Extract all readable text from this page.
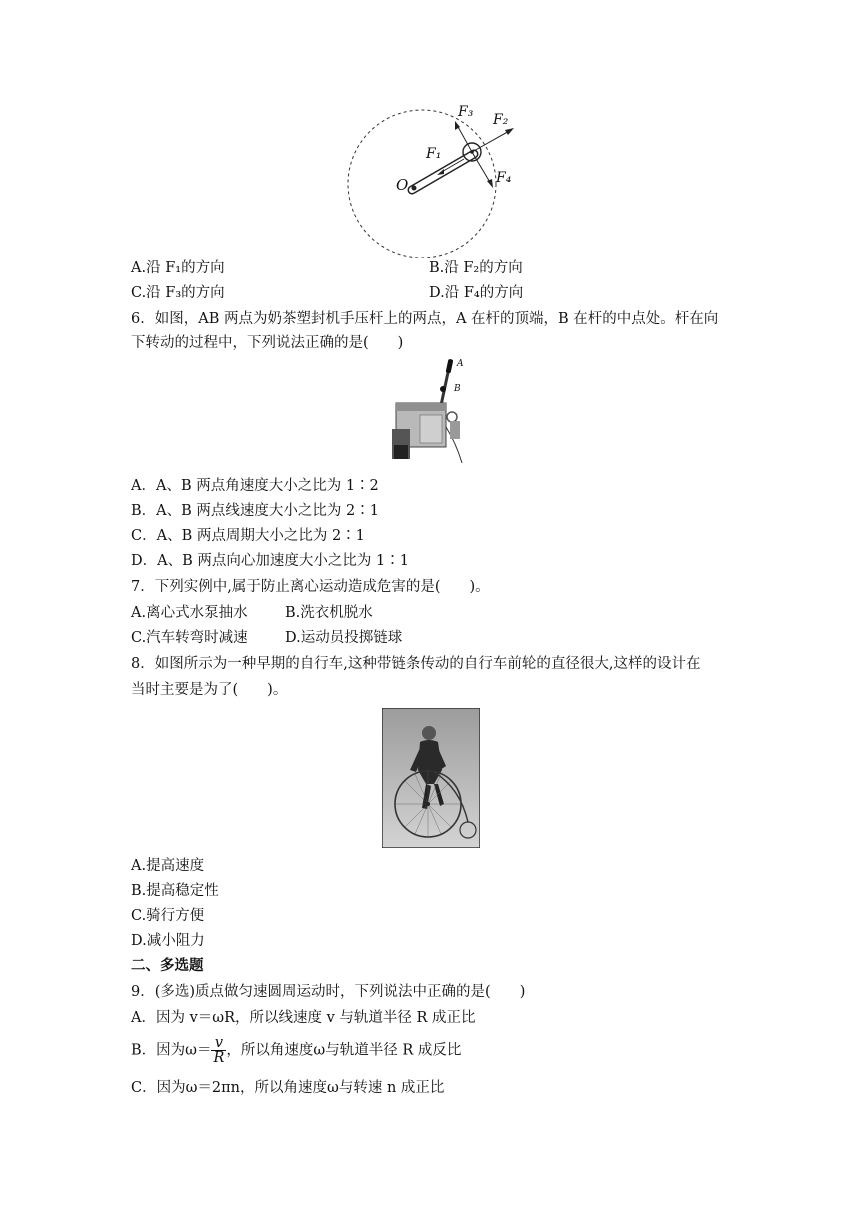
F₃ F₂
F₁
F₄
O
A.沿 F₁的方向	B.沿 F₂的方向
C.沿 F₃的方向	D.沿 F₄的方向
6．如图，AB 两点为奶茶塑封机手压杆上的两点，A 在杆的顶端，B 在杆的中点处。杆在向
下转动的过程中，下列说法正确的是(　　)
A
B
A．A、B 两点角速度大小之比为 1∶2
B．A、B 两点线速度大小之比为 2∶1
C．A、B 两点周期大小之比为 2∶1
D．A、B 两点向心加速度大小之比为 1∶1
7．下列实例中,属于防止离心运动造成危害的是(　　)。
A.离心式水泵抽水	B.洗衣机脱水
C.汽车转弯时减速	D.运动员投掷链球
8．如图所示为一种早期的自行车,这种带链条传动的自行车前轮的直径很大,这样的设计在
当时主要是为了(　　)。
A.提高速度
B.提高稳定性
C.骑行方便
D.减小阻力
二、多选题
9．(多选)质点做匀速圆周运动时，下列说法中正确的是(　　)
A．因为 v＝ωR，所以线速度 v 与轨道半径 R 成正比
B．因为$\omega= \frac{v}{R}$ ，所以角速度ω与轨道半径 R 成反比
C．因为ω＝2πn，所以角速度ω与转速 n 成正比
